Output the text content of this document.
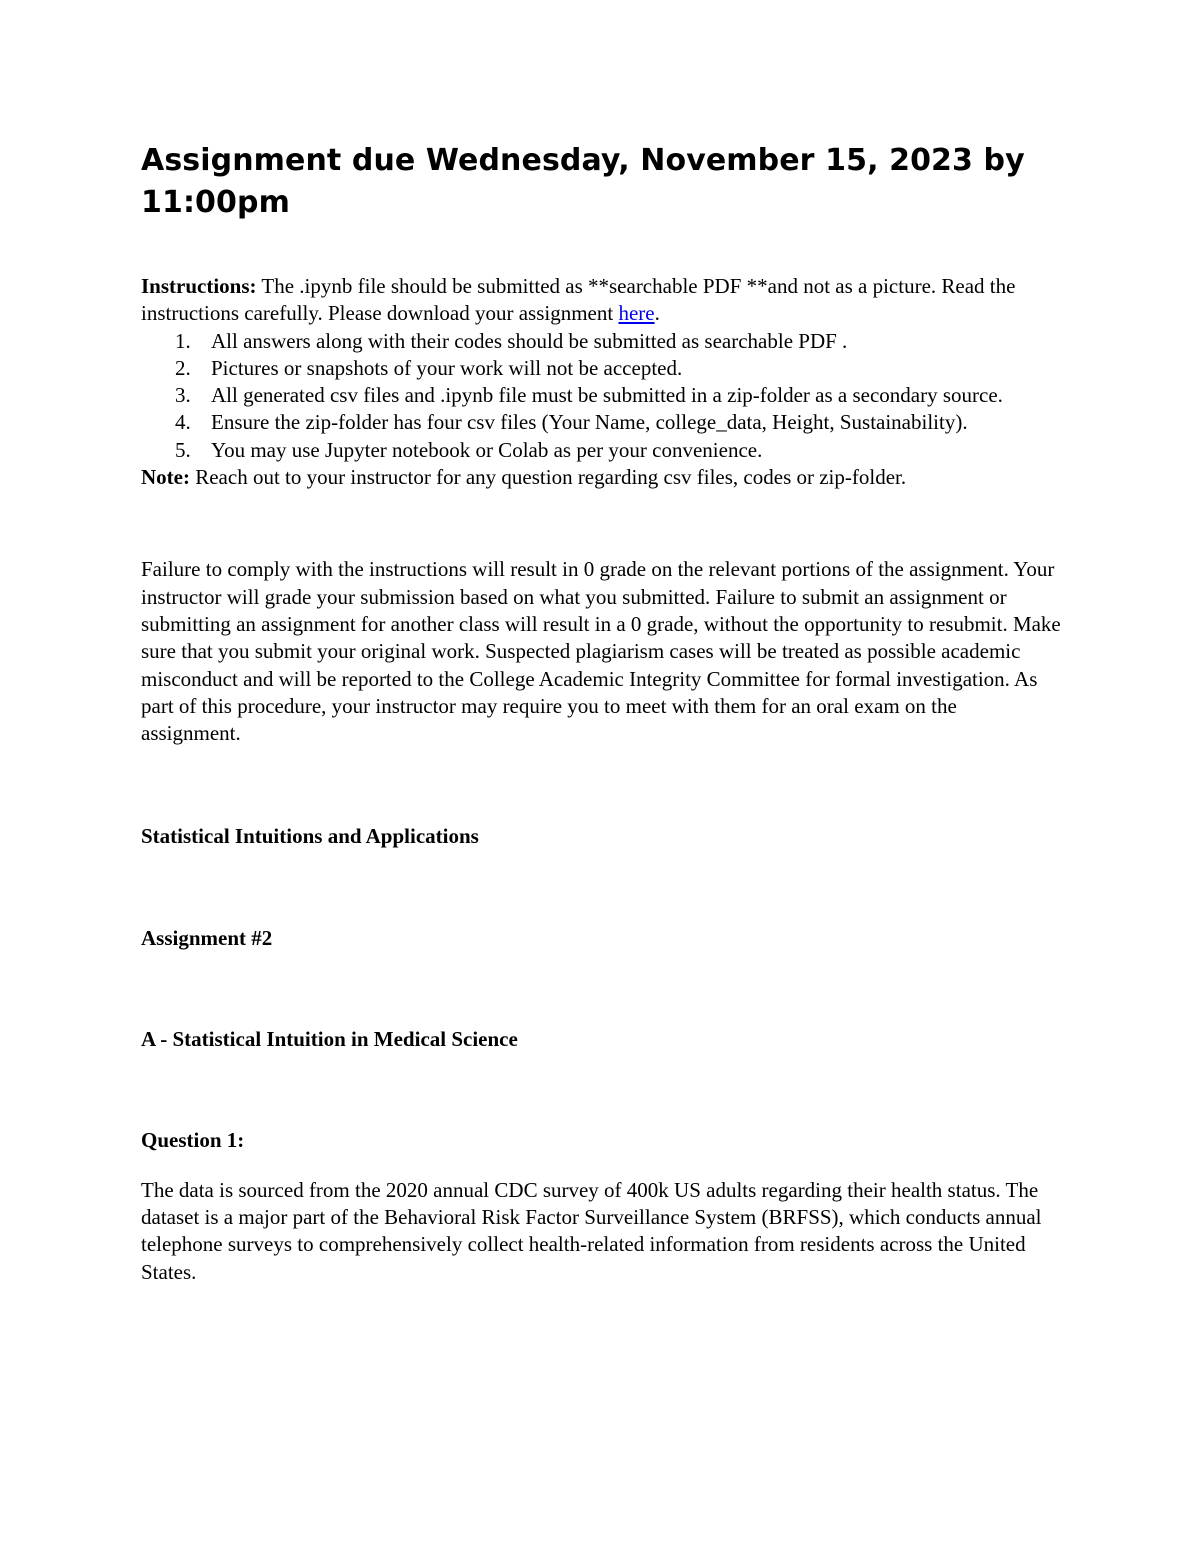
Assignment due Wednesday, November 15, 2023 by 11:00pm

Instructions: The .ipynb file should be submitted as **searchable PDF **and not as a picture. Read the instructions carefully. Please download your assignment here.

1. All answers along with their codes should be submitted as searchable PDF .
2. Pictures or snapshots of your work will not be accepted.
3. All generated csv files and .ipynb file must be submitted in a zip-folder as a secondary source.
4. Ensure the zip-folder has four csv files (Your Name, college_data, Height, Sustainability).
5. You may use Jupyter notebook or Colab as per your convenience.

Note: Reach out to your instructor for any question regarding csv files, codes or zip-folder.

Failure to comply with the instructions will result in 0 grade on the relevant portions of the assignment. Your instructor will grade your submission based on what you submitted. Failure to submit an assignment or submitting an assignment for another class will result in a 0 grade, without the opportunity to resubmit. Make sure that you submit your original work. Suspected plagiarism cases will be treated as possible academic misconduct and will be reported to the College Academic Integrity Committee for formal investigation. As part of this procedure, your instructor may require you to meet with them for an oral exam on the assignment.

Statistical Intuitions and Applications

Assignment #2

A - Statistical Intuition in Medical Science

Question 1:

The data is sourced from the 2020 annual CDC survey of 400k US adults regarding their health status. The dataset is a major part of the Behavioral Risk Factor Surveillance System (BRFSS), which conducts annual telephone surveys to comprehensively collect health-related information from residents across the United States.
